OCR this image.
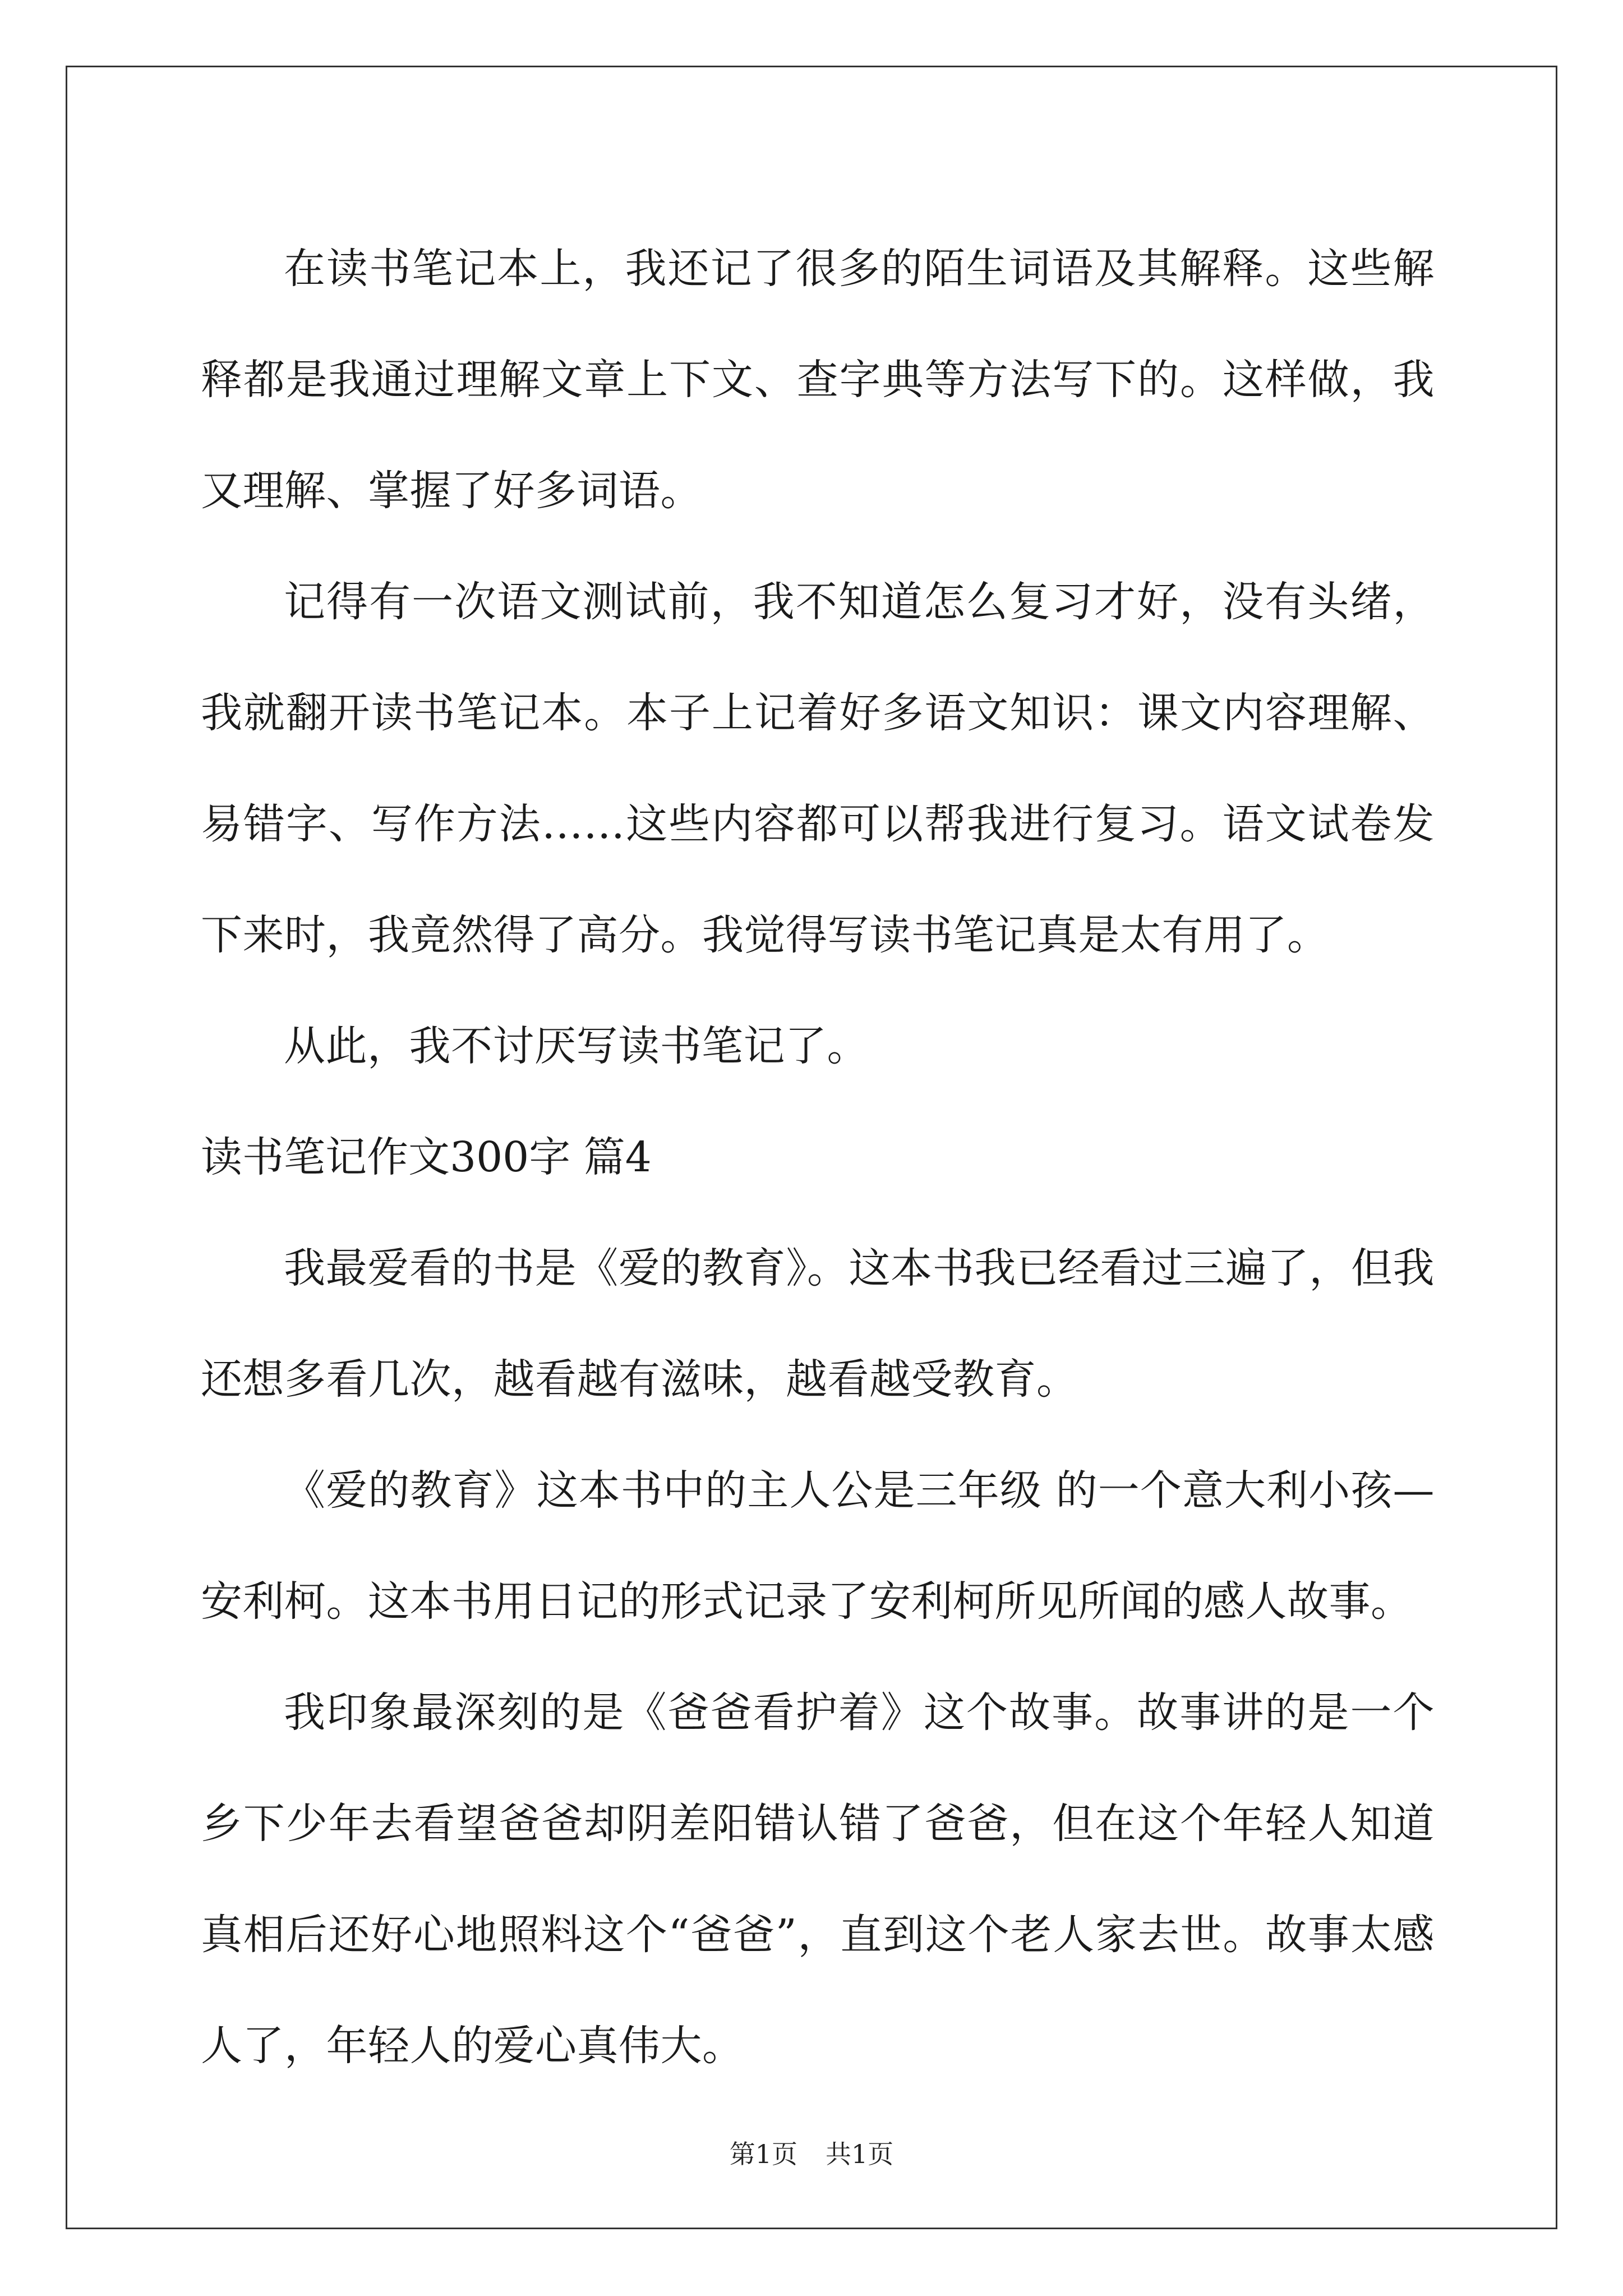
在读书笔记本上，我还记了很多的陌生词语及其解释。这些解释都是我通过理解文章上下文、查字典等方法写下的。这样做，我又理解、掌握了好多词语。

记得有一次语文测试前，我不知道怎么复习才好，没有头绪，我就翻开读书笔记本。本子上记着好多语文知识：课文内容理解、易错字、写作方法……这些内容都可以帮我进行复习。语文试卷发下来时，我竟然得了高分。我觉得写读书笔记真是太有用了。

从此，我不讨厌写读书笔记了。

读书笔记作文300字 篇4

我最爱看的书是《爱的教育》。这本书我已经看过三遍了，但我还想多看几次，越看越有滋味，越看越受教育。

《爱的教育》这本书中的主人公是三年级 的一个意大利小孩—安利柯。这本书用日记的形式记录了安利柯所见所闻的感人故事。

我印象最深刻的是《爸爸看护着》这个故事。故事讲的是一个乡下少年去看望爸爸却阴差阳错认错了爸爸，但在这个年轻人知道真相后还好心地照料这个“爸爸”，直到这个老人家去世。故事太感人了，年轻人的爱心真伟大。

第1页 共1页
